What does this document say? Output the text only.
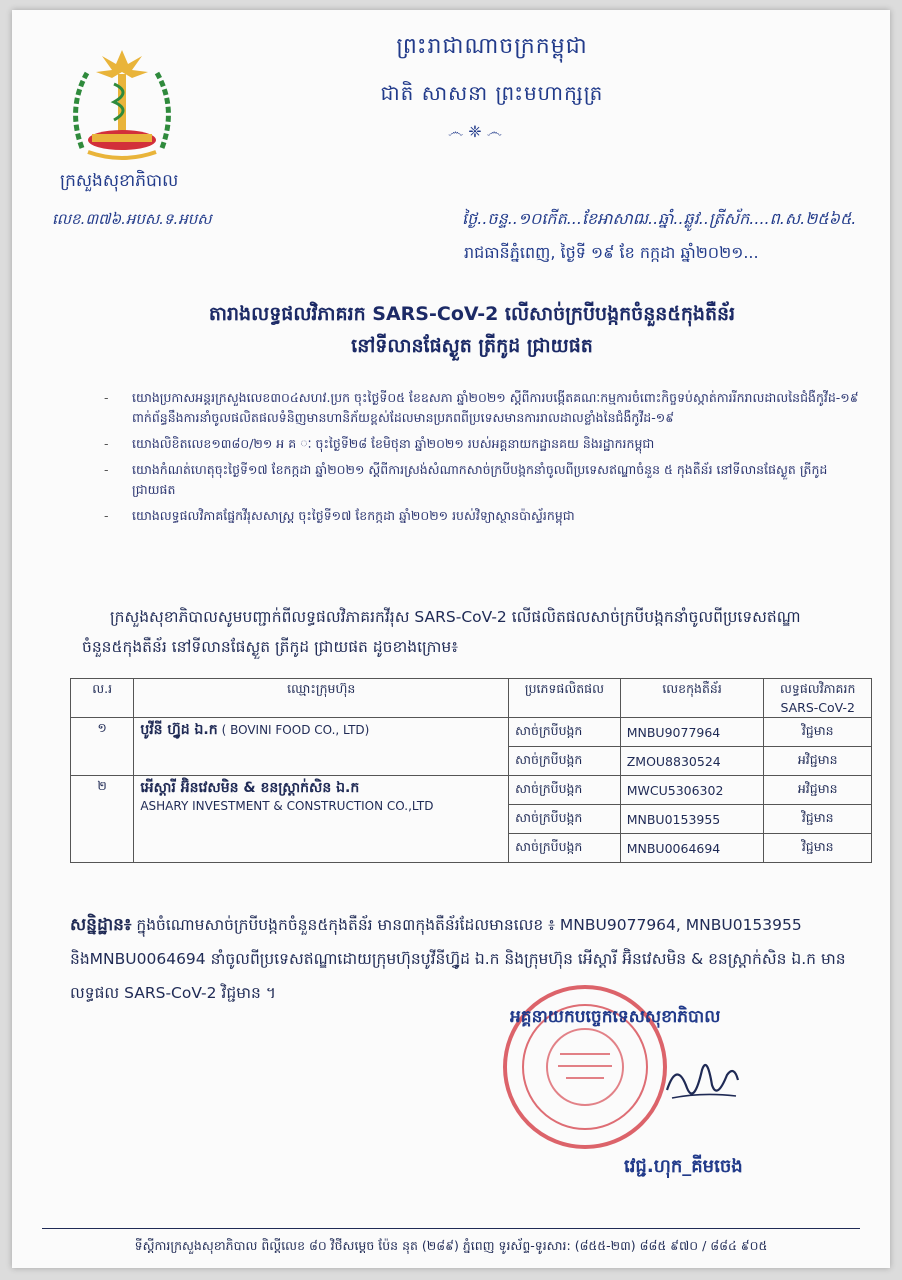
ព្រះរាជាណាចក្រកម្ពុជា
ជាតិ សាសនា ព្រះមហាក្សត្រ
෴ ❈ ෴
ក្រសួងសុខាភិបាល
លេខ.៣៧៦.អបស.ទ.អបស	ថ្ងៃ..ចន្ទ..១០កើត...ខែអាសាឍ..ឆ្នាំ..ឆ្លូវ..ត្រីស័ក....ព.ស.២៥៦៥.
រាជធានីភ្នំពេញ, ថ្ងៃទី ១៩ ខែ កក្កដា ឆ្នាំ២០២១...
តារាងលទ្ធផលវិភាគរក SARS-CoV-2 លើសាច់ក្របីបង្កកចំនួន៥កុងតឺន័រ
នៅទីលានផែស្ងួត ត្រីកូដ ជ្រាយផត
- យោងប្រកាសអន្តរក្រសួងលេខ៣០៤សហវ.ប្រក ចុះថ្ងៃទី០៥ ខែឧសភា ឆ្នាំ២០២១ ស្តីពីការបង្កើតគណៈកម្មការចំពោះកិច្ចទប់ស្កាត់ការរីករាលដាលនៃជំងឺកូវីដ-១៩ ពាក់ព័ន្ធនឹងការនាំចូលផលិតផលទំនិញមានហានិភ័យខ្ពស់ដែលមានប្រភពពីប្រទេសមានការរាលដាលខ្លាំងនៃជំងឺកូវីដ-១៩
- យោងលិខិតលេខ១៣៨០/២១ អ គ ៈ ចុះថ្ងៃទី២៨ ខែមិថុនា ឆ្នាំ២០២១ របស់អគ្គនាយកដ្ឋានគយ និងរដ្ឋាករកម្ពុជា
- យោងកំណត់ហេតុចុះថ្ងៃទី១៧ ខែកក្កដា ឆ្នាំ២០២១ ស្តីពីការស្រង់សំណាកសាច់ក្របីបង្កកនាំចូលពីប្រទេសឥណ្ឌាចំនួន ៥ កុងតឺន័រ នៅទីលានផែស្ងួត ត្រីកូដ ជ្រាយផត
- យោងលទ្ធផលវិភាគផ្នែកវីរុសសាស្ត្រ ចុះថ្ងៃទី១៧ ខែកក្កដា ឆ្នាំ២០២១ របស់វិទ្យាស្ថានប៉ាស្ទ័រកម្ពុជា
ក្រសួងសុខាភិបាលសូមបញ្ជាក់ពីលទ្ធផលវិភាគរកវីរុស SARS-CoV-2 លើផលិតផលសាច់ក្របីបង្កកនាំចូលពីប្រទេសឥណ្ឌាចំនួន៥កុងតឺន័រ នៅទីលានផែស្ងួត ត្រីកូដ ជ្រាយផត ដូចខាងក្រោម៖
ល.រ	ឈ្មោះក្រុមហ៊ុន	ប្រភេទផលិតផល	លេខកុងតឺន័រ	លទ្ធផលវិភាគរក
SARS-CoV-2

១	បូវីនី ហ្វ៊ូដ ឯ.ក ( BOVINI FOOD CO., LTD)	សាច់ក្របីបង្កក	MNBU9077964	វិជ្ជមាន
		សាច់ក្របីបង្កក	ZMOU8830524	អវិជ្ជមាន
២	អើស្តារី អ៊ិនវេសមិន & ខនស្ត្រាក់សិន ឯ.ក
ASHARY INVESTMENT & CONSTRUCTION CO.,LTD	សាច់ក្របីបង្កក	MWCU5306302	អវិជ្ជមាន
		សាច់ក្របីបង្កក	MNBU0153955	វិជ្ជមាន
		សាច់ក្របីបង្កក	MNBU0064694	វិជ្ជមាន
សន្និដ្ឋាន៖ ក្នុងចំណោមសាច់ក្របីបង្កកចំនួន៥កុងតឺន័រ មាន៣កុងតឺន័រដែលមានលេខ ៖ MNBU9077964, MNBU0153955 និងMNBU0064694 នាំចូលពីប្រទេសឥណ្ឌាដោយក្រុមហ៊ុនបូវីនីហ្វ៊ូដ ឯ.ក និងក្រុមហ៊ុន អើស្តារី អ៊ិនវេសមិន & ខនស្ត្រាក់សិន ឯ.ក មានលទ្ធផល SARS-CoV-2 វិជ្ជមាន ។
អគ្គនាយកបច្ចេកទេសសុខាភិបាល
វេជ្ជ.ហុក_គីមចេង
ទីស្តីការក្រសួងសុខាភិបាល ពិល្ដីលេខ ៨០ វិថីសម្ដេច ប៉ែន នុត (២៨៩) ភ្នំពេញ ទូរស័ព្ទ-ទូរសារ: (៨៥៥-២៣) ៨៨៥ ៩៧០ / ៨៨៤ ៩០៥
